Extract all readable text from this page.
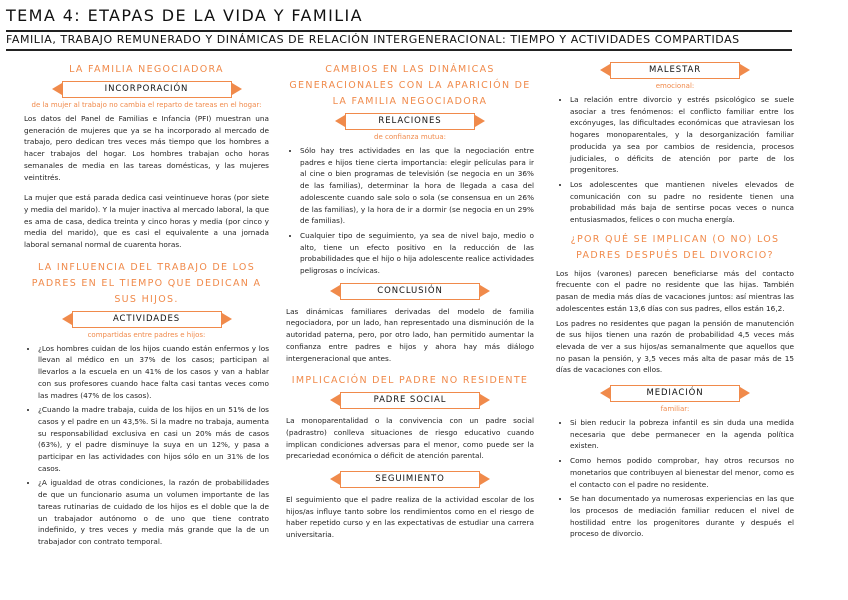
TEMA 4: ETAPAS DE LA VIDA Y FAMILIA
FAMILIA, TRABAJO REMUNERADO Y DINÁMICAS DE RELACIÓN INTERGENERACIONAL: TIEMPO Y ACTIVIDADES COMPARTIDAS
LA FAMILIA NEGOCIADORA
INCORPORACIÓN
de la mujer al trabajo no cambia el reparto de tareas en el hogar:

Los datos del Panel de Familias e Infancia (PFI) muestran una generación de mujeres que ya se ha incorporado al mercado de trabajo, pero dedican tres veces más tiempo que los hombres a hacer trabajos del hogar. Los hombres trabajan ocho horas semanales de media en las tareas domésticas, y las mujeres veintitrés.

La mujer que está parada dedica casi veintinueve horas (por siete y media del marido). Y la mujer inactiva al mercado laboral, la que es ama de casa, dedica treinta y cinco horas y media (por cinco y media del marido), que es casi el equivalente a una jornada laboral semanal normal de cuarenta horas.

LA INFLUENCIA DEL TRABAJO DE LOS PADRES EN EL TIEMPO QUE DEDICAN A SUS HIJOS.
ACTIVIDADES
compartidas entre padres e hijos:
• ¿Los hombres cuidan de los hijos cuando están enfermos y los llevan al médico en un 37% de los casos; participan al llevarlos a la escuela en un 41% de los casos y van a hablar con sus profesores cuando hace falta casi tantas veces como las madres (47% de los casos).
• ¿Cuando la madre trabaja, cuida de los hijos en un 51% de los casos y el padre en un 43,5%. Si la madre no trabaja, aumenta su responsabilidad exclusiva en casi un 20% más de casos (63%), y el padre disminuye la suya en un 12%, y pasa a participar en las actividades con hijos sólo en un 31% de los casos.
• ¿A igualdad de otras condiciones, la razón de probabilidades de que un funcionario asuma un volumen importante de las tareas rutinarias de cuidado de los hijos es el doble que la de un trabajador autónomo o de uno que tiene contrato indefinido, y tres veces y media más grande que la de un trabajador con contrato temporal.
CAMBIOS EN LAS DINÁMICAS GENERACIONALES CON LA APARICIÓN DE LA FAMILIA NEGOCIADORA
RELACIONES
de confianza mutua:
• Sólo hay tres actividades en las que la negociación entre padres e hijos tiene cierta importancia: elegir películas para ir al cine o bien programas de televisión (se negocia en un 36% de las familias), determinar la hora de llegada a casa del adolescente cuando sale solo o sola (se consensua en un 26% de las familias), y la hora de ir a dormir (se negocia en un 29% de familias).
• Cualquier tipo de seguimiento, ya sea de nivel bajo, medio o alto, tiene un efecto positivo en la reducción de las probabilidades que el hijo o hija adolescente realice actividades peligrosas o incívicas.
CONCLUSIÓN

Las dinámicas familiares derivadas del modelo de familia negociadora, por un lado, han representado una disminución de la autoridad paterna, pero, por otro lado, han permitido aumentar la confianza entre padres e hijos y ahora hay más diálogo intergeneracional que antes.

IMPLICACIÓN DEL PADRE NO RESIDENTE
PADRE SOCIAL

La monoparentalidad o la convivencia con un padre social (padrastro) conlleva situaciones de riesgo educativo cuando implican condiciones adversas para el menor, como puede ser la precariedad económica o déficit de atención parental.

SEGUIMIENTO

El seguimiento que el padre realiza de la actividad escolar de los hijos/as influye tanto sobre los rendimientos como en el riesgo de haber repetido curso y en las expectativas de estudiar una carrera universitaria.

MALESTAR
emocional:
• La relación entre divorcio y estrés psicológico se suele asociar a tres fenómenos: el conflicto familiar entre los excónyuges, las dificultades económicas que atraviesan los hogares monoparentales, y la desorganización familiar producida ya sea por cambios de residencia, procesos judiciales, o déficits de atención por parte de los progenitores.
• Los adolescentes que mantienen niveles elevados de comunicación con su padre no residente tienen una probabilidad más baja de sentirse pocas veces o nunca entusiasmados, felices o con mucha energía.
¿POR QUÉ SE IMPLICAN (O NO) LOS PADRES DESPUÉS DEL DIVORCIO?

Los hijos (varones) parecen beneficiarse más del contacto frecuente con el padre no residente que las hijas. También pasan de media más días de vacaciones juntos: así mientras las adolescentes están 13,6 días con sus padres, ellos están 16,2.

Los padres no residentes que pagan la pensión de manutención de sus hijos tienen una razón de probabilidad 4,5 veces más elevada de ver a sus hijos/as semanalmente que aquellos que no pasan la pensión, y 3,5 veces más alta de pasar más de 15 días de vacaciones con ellos.

MEDIACIÓN
familiar:
• Si bien reducir la pobreza infantil es sin duda una medida necesaria que debe permanecer en la agenda política existen.
• Como hemos podido comprobar, hay otros recursos no monetarios que contribuyen al bienestar del menor, como es el contacto con el padre no residente.
• Se han documentado ya numerosas experiencias en las que los procesos de mediación familiar reducen el nivel de hostilidad entre los progenitores durante y después el proceso de divorcio.
